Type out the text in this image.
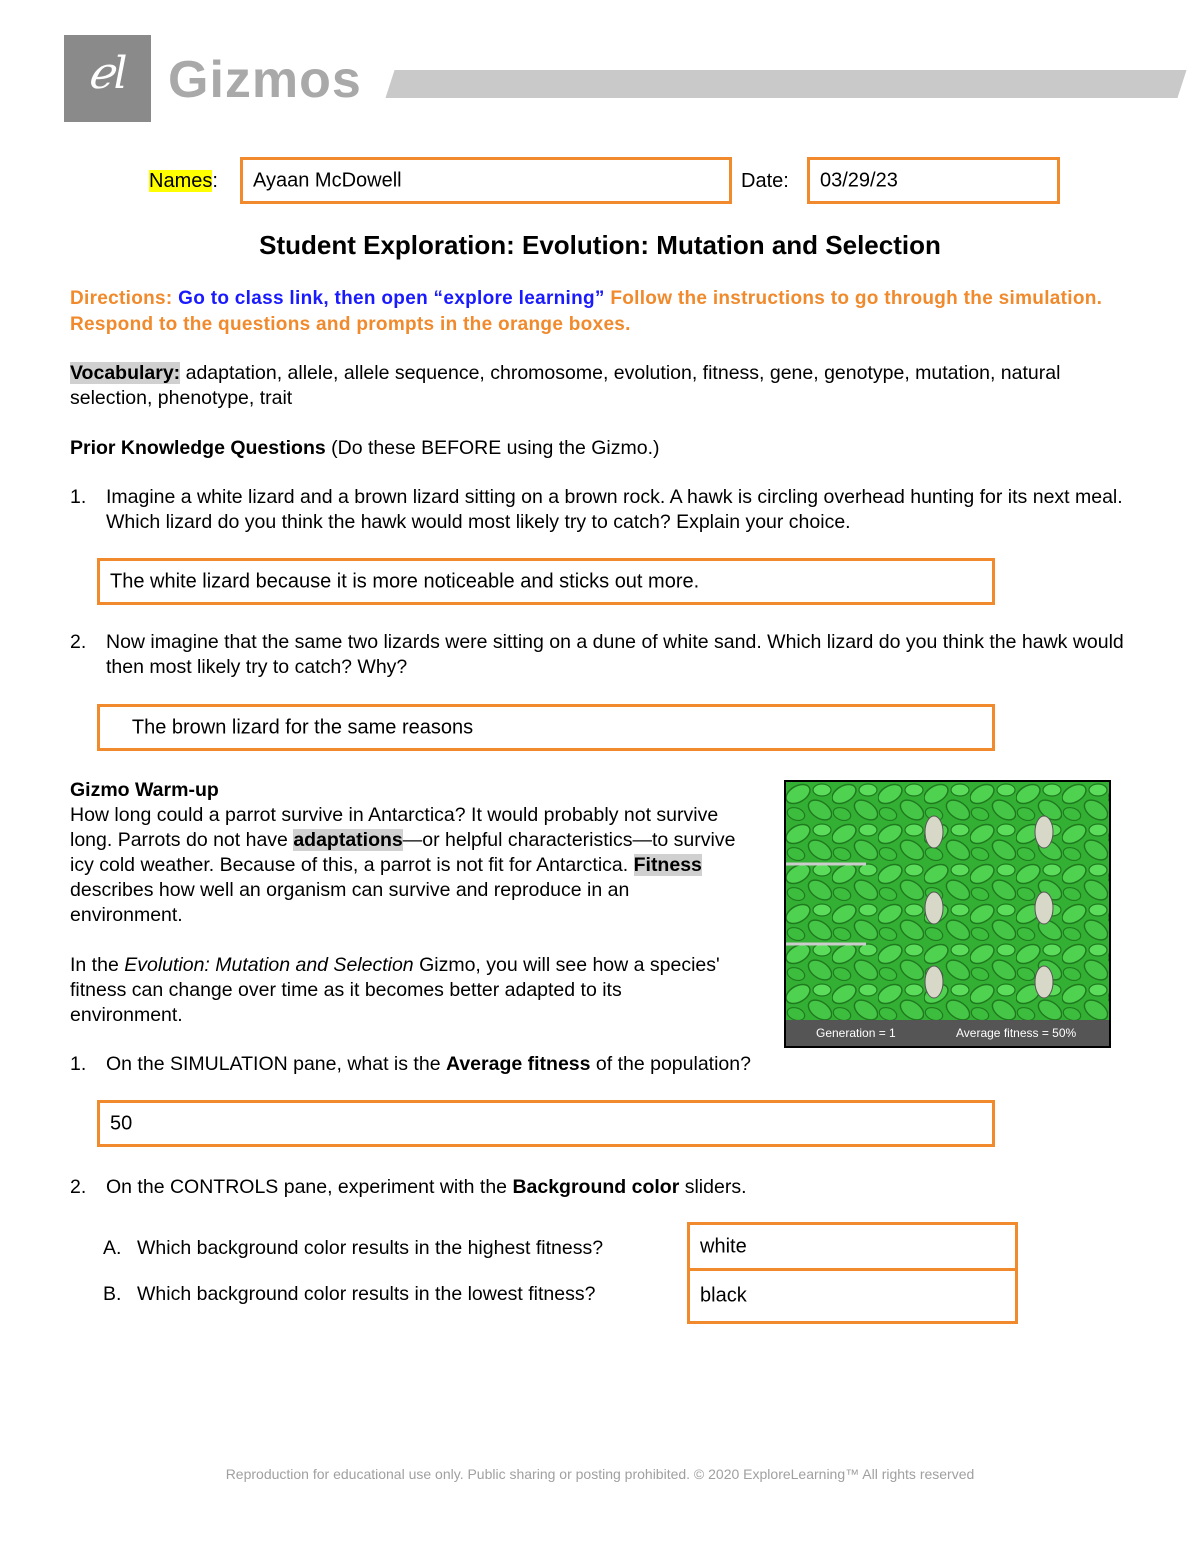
ℯl Gizmos
Names: Ayaan McDowell	Date: 03/29/23
Student Exploration: Evolution: Mutation and Selection
Directions: Go to class link, then open “explore learning” Follow the instructions to go through the simulation. Respond to the questions and prompts in the orange boxes.
Vocabulary: adaptation, allele, allele sequence, chromosome, evolution, fitness, gene, genotype, mutation, natural selection, phenotype, trait
Prior Knowledge Questions (Do these BEFORE using the Gizmo.)
1. Imagine a white lizard and a brown lizard sitting on a brown rock. A hawk is circling overhead hunting for its next meal. Which lizard do you think the hawk would most likely try to catch? Explain your choice.
The white lizard because it is more noticeable and sticks out more.
2. Now imagine that the same two lizards were sitting on a dune of white sand. Which lizard do you think the hawk would then most likely try to catch? Why?
The brown lizard for the same reasons
Gizmo Warm-up
How long could a parrot survive in Antarctica? It would probably not survive long. Parrots do not have adaptations—or helpful characteristics—to survive icy cold weather. Because of this, a parrot is not fit for Antarctica. Fitness describes how well an organism can survive and reproduce in an environment.
In the Evolution: Mutation and Selection Gizmo, you will see how a species' fitness can change over time as it becomes better adapted to its environment.
Generation = 1	Average fitness = 50%
1. On the SIMULATION pane, what is the Average fitness of the population?
50
2. On the CONTROLS pane, experiment with the Background color sliders.
A. Which background color results in the highest fitness?
B. Which background color results in the lowest fitness?
white
black
Reproduction for educational use only. Public sharing or posting prohibited. © 2020 ExploreLearning™ All rights reserved
